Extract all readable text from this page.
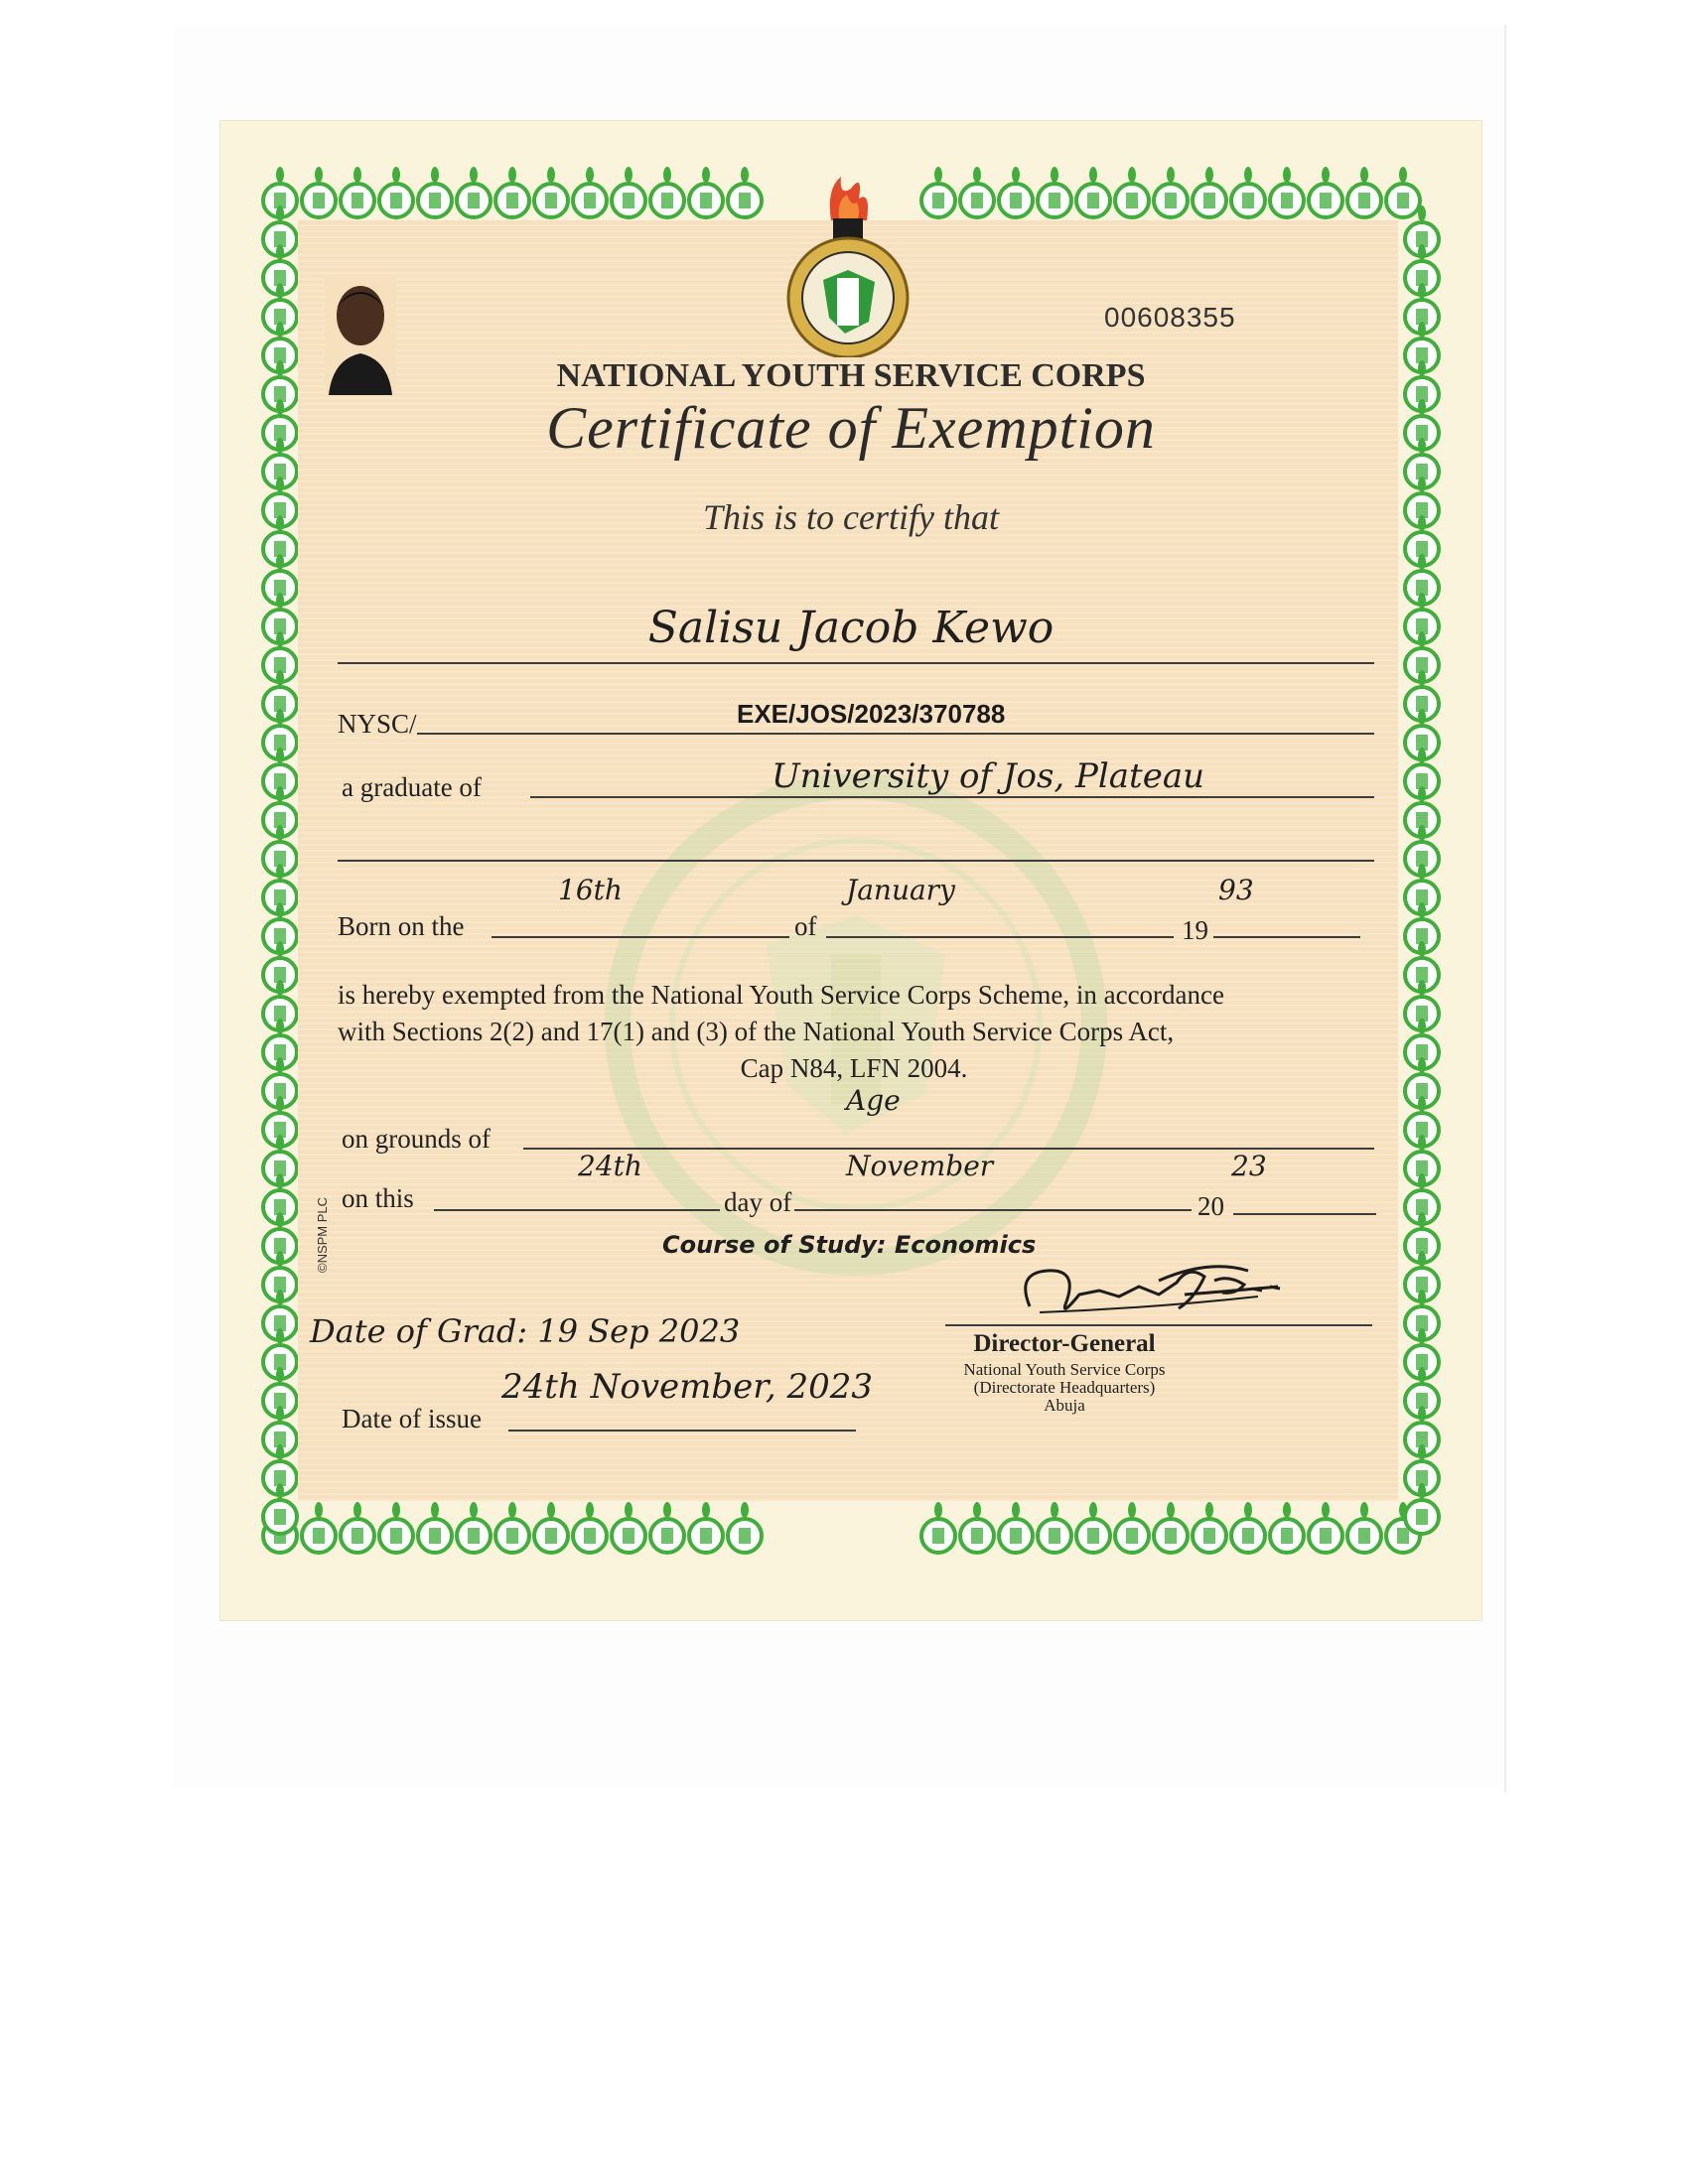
00608355
NATIONAL YOUTH SERVICE CORPS
Certificate of Exemption
This is to certify that
Salisu Jacob Kewo
NYSC/	EXE/JOS/2023/370788
a graduate of	University of Jos, Plateau
Born on the
16th
of
January
19
93
is hereby exempted from the National Youth Service Corps Scheme, in accordance
with Sections 2(2) and 17(1) and (3) of the National Youth Service Corps Act,
Cap N84, LFN 2004.
on grounds of
Age
on this
24th
day of
November
20
23
Course of Study: Economics
©NSPM PLC
Date of Grad: 19 Sep 2023
Date of issue
24th November, 2023
Director-General
National Youth Service Corps
(Directorate Headquarters)
Abuja
